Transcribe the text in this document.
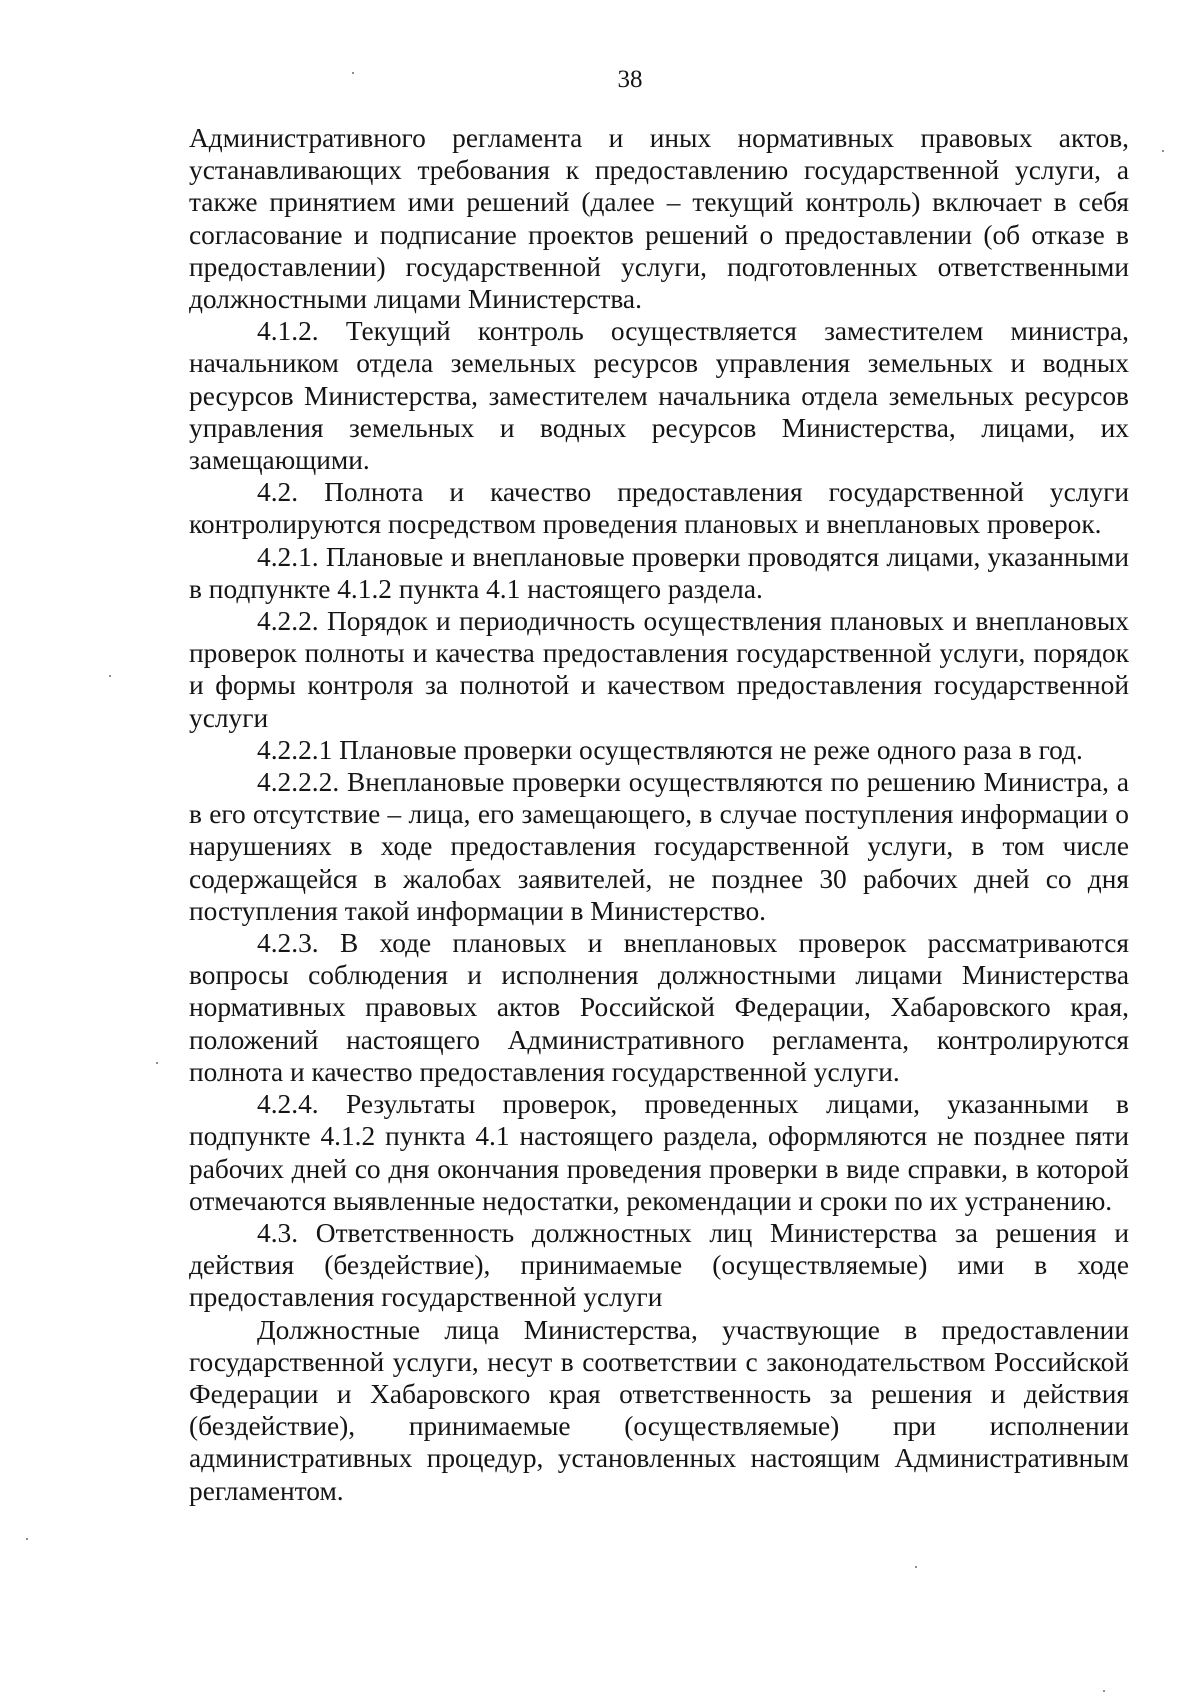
38

Административного регламента и иных нормативных правовых актов, устанавливающих требования к предоставлению государственной услуги, а также принятием ими решений (далее – текущий контроль) включает в себя согласование и подписание проектов решений о предоставлении (об отказе в предоставлении) государственной услуги, подготовленных ответственными должностными лицами Министерства.

4.1.2. Текущий контроль осуществляется заместителем министра, начальником отдела земельных ресурсов управления земельных и водных ресурсов Министерства, заместителем начальника отдела земельных ресурсов управления земельных и водных ресурсов Министерства, лицами, их замещающими.

4.2. Полнота и качество предоставления государственной услуги контролируются посредством проведения плановых и внеплановых проверок.

4.2.1. Плановые и внеплановые проверки проводятся лицами, указанными в подпункте 4.1.2 пункта 4.1 настоящего раздела.

4.2.2. Порядок и периодичность осуществления плановых и внеплановых проверок полноты и качества предоставления государственной услуги, порядок и формы контроля за полнотой и качеством предоставления государственной услуги

4.2.2.1 Плановые проверки осуществляются не реже одного раза в год.

4.2.2.2. Внеплановые проверки осуществляются по решению Министра, а в его отсутствие – лица, его замещающего, в случае поступления информации о нарушениях в ходе предоставления государственной услуги, в том числе содержащейся в жалобах заявителей, не позднее 30 рабочих дней со дня поступления такой информации в Министерство.

4.2.3. В ходе плановых и внеплановых проверок рассматриваются вопросы соблюдения и исполнения должностными лицами Министерства нормативных правовых актов Российской Федерации, Хабаровского края, положений настоящего Административного регламента, контролируются полнота и качество предоставления государственной услуги.

4.2.4. Результаты проверок, проведенных лицами, указанными в подпункте 4.1.2 пункта 4.1 настоящего раздела, оформляются не позднее пяти рабочих дней со дня окончания проведения проверки в виде справки, в которой отмечаются выявленные недостатки, рекомендации и сроки по их устранению.

4.3. Ответственность должностных лиц Министерства за решения и действия (бездействие), принимаемые (осуществляемые) ими в ходе предоставления государственной услуги

Должностные лица Министерства, участвующие в предоставлении государственной услуги, несут в соответствии с законодательством Российской Федерации и Хабаровского края ответственность за решения и действия (бездействие), принимаемые (осуществляемые) при исполнении административных процедур, установленных настоящим Административным регламентом.
